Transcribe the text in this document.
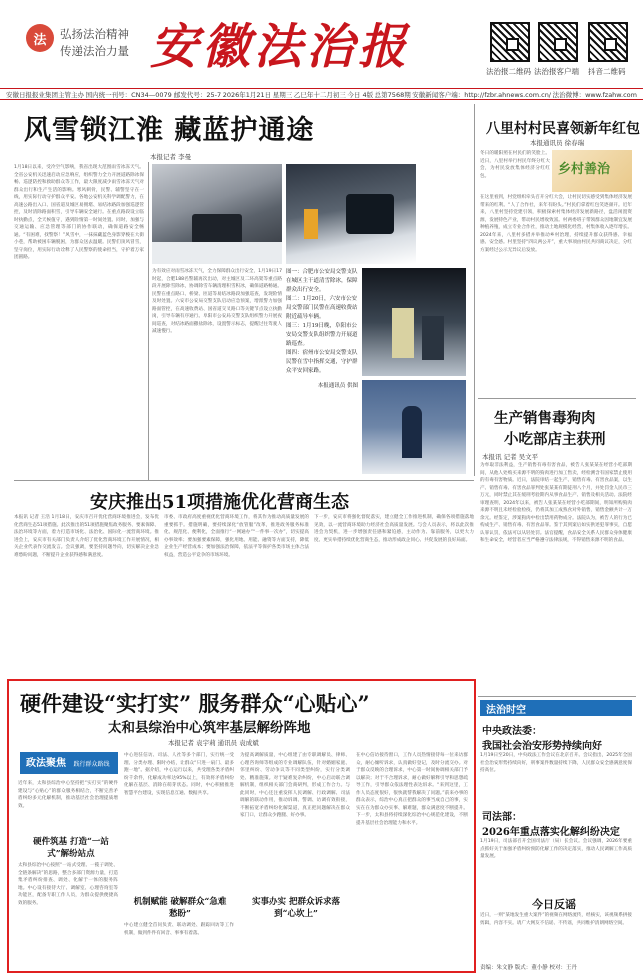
法	弘扬法治精神
传递法治力量 安徽法治报	法治报二维码 法治报客户端 抖音二维码
安徽日报报业集团主管主办 国内统一刊号：CN34—0079 邮发代号：25-7 2026年1月21日 星期三 乙巳年十二月初三 今日 4版 总第7568期 安徽新闻客户端：http://fzbr.ahnews.com.cn/ 法治微博：www.fzahw.com
风雪锁江淮 藏蓝护通途
本报记者 李曼
1月18日以来，受冷空气影响，我省出现大范围雨雪冰冻天气。全省公安机关迅速启动应急响应，组织警力全力开展道路除冰保畅、巡逻防控和救助群众等工作，最大限度减少雨雪冰冻天气对群众出行和生产生活的影响。寒风刺骨，民警、辅警坚守在一线，用实际行动守护群众平安。各地公安机关科学调配警力，在高速公路出入口、国省道及城区易拥堵、易结冰路段加强巡逻管控，及时清除路面积雪，引导车辆安全通行。在重点路段设立临时执勤点，全天候值守，遇到险情第一时间处置。同时，加强与交通运输、应急管理等部门的协作联动，确保道路安全畅通。“有困难，找警察！”风雪中，一抹抹藏蓝色身影穿梭在大街小巷，帮助被困车辆脱困，为群众送去温暖。民警们顶风冒雪，坚守岗位，用实际行动诠释了人民警察的使命担当，守护着万家团圆路。
为有效应对雨雪冰冻天气，全力保障群众出行安全，1月19日17时起，合肥188名警辅再次出动，对主城区及二环高架等重点路段开展除雪除冰，协调除雪车辆清理积雪积冰，确保道路畅通。民警在重点路口、桥梁、匝道等易结冰路段加强巡查，发现险情及时处置。六安市公安局交警支队启动应急预案，增派警力加强路面管控，在高速收费站、国省道交叉路口等关键节点设立执勤岗，引导车辆有序通行。阜阳市公安局交警支队组织警力开展夜间巡查，对结冰路面撒盐除冰，设置警示标志，提醒过往驾驶人减速慢行。
图一：合肥市公安局交警支队在城区主干道清雪除冰，保障群众出行安全。
图二：1月20日，六安市公安局交警部门民警在高速收费站附近疏导车辆。
图三：1月19日晚，阜阳市公安局交警支队组织警力开展道路巡查。
图四：宿州市公安局交警支队民警在雪中指挥交通，守护群众平安回家路。
本报通讯员 供图
八里村村民喜领新年红包
本报通讯员 徐春瑞
冬日的暖阳照在村民们的笑脸上。近日，八里村举行村民年终分红大会，为村民发放集体经济分红红包。	乡村善治
在这里看到，村党组织牵头召开分红大会，让村民切实感受到集体经济发展带来的红利。“人了合作社，来年有盼头。”村民们拿着红包笑逐颜开。近年来，八里村坚持党建引领，积极探索村集体经济发展新路径，盘活闲置资源，发展特色产业，带动村民增收致富。村两委班子带领群众因地制宜发展种植养殖，成立专业合作社，推动土地规模化经营，村集体收入逐年增长。2024年来，八里村多措并举推动乡村治理，持续提升群众获得感、幸福感、安全感。村里坚持“四议两公开”，重大事项由村民共同商议决定，分红方案经过公示无异议后发放。
生产销售毒狗肉
小吃部店主获刑
本报讯 记者 吴文平
为牟取非法利益，生产销售有毒有害食品，被告人张某某在经营小吃部期间，从他人处购买来源不明的狗肉进行加工售卖，经检测含有国家禁止使用的有毒有害物质。近日，法院审结一起生产、销售有毒、有害食品案，以生产、销售有毒、有害食品罪判处张某某有期徒刑八个月，并处罚金人民币三万元，同时禁止其在缓刑考验期内从事食品生产、销售及相关活动。法院经审理查明，2024年以来，被告人张某某在经营小吃部期间，明知所购狗肉来源不明且未经检验检疫，仍将其加工成熟食对外销售，销售金额共计一万余元。经鉴定，涉案狗肉中检出禁用药物成分。法院认为，被告人的行为已构成生产、销售有毒、有害食品罪。鉴于其到案后如实供述犯罪事实，自愿认罪认罚，依法可以从轻处罚。法官提醒，食品安全关系人民群众身体健康和生命安全，经营者应当严格遵守法律法规，不得销售来源不明的食品。
安庆推出51项措施优化营商生态
本报讯 记者 王浩 1月18日，安庆市召开优化营商环境推进会，发布优化营商生态51项措施。此次推出的51项措施聚焦政务服务、要素保障、法治环境等方面，着力打造市场化、法治化、国际化一流营商环境。推进会上，安庆市有关部门负责人介绍了优化营商环境工作开展情况，相关企业代表作交流发言。会议强调，要坚持问题导向，切实解决企业急难愁盼问题，不断提升企业获得感和满意度。
市委、市政府高度重视优化营商环境工作，将其作为推动高质量发展的重要抓手。措施明确，要持续深化“放管服”改革，推进政务服务标准化、规范化、便利化，全面推行“一网通办”“一件事一次办”，切实提高办事效率；要加强要素保障，强化用地、用能、融资等方面支持，降低企业生产经营成本；要加强法治保障，依法平等保护各类市场主体合法权益，营造公平竞争的市场环境。
下一步，安庆市将强化督促落实，建立健全工作推进机制，确保各项措施落地见效，以一流营商环境助力经济社会高质量发展。与会人员表示，将以此次推进会为契机，进一步增强责任感和紧迫感，主动作为、靠前服务，以更大力度、更实举措持续优化营商生态，推动形成政企同心、共促发展的良好局面。
硬件建设“实打实” 服务群众“心贴心”
太和县综治中心筑牢基层解纷阵地
本报记者 袁宇莉 通讯员 袁成斌
政法聚焦 践行群众路线
近年来，太和县综治中心坚持把“实打实”的硬件建设与“心贴心”的群众服务相结合，不断完善矛盾纠纷多元化解机制，推动基层社会治理提质增效。
硬件筑基 打造“一站式”解纷站点
太和县综治中心按照“一站式受理、一揽子调处、全链条解决”的思路，整合多部门资源力量，打造集矛盾纠纷排查、调处、化解于一体的服务阵地。中心设有接待大厅、调解室、心理咨询室等功能区，配备专职工作人员，为群众提供便捷高效的服务。
中心进驻信访、司法、人社等多个部门，实行统一受理、分类办理、限时办结，让群众“只进一扇门、最多跑一地”。据介绍，中心运行以来，共受理各类矛盾纠纷千余件，化解成功率达95%以上，有效将矛盾纠纷化解在基层、消除在萌芽状态。同时，中心积极推进智慧平台建设，实现信息互通、数据共享。
机制赋能 破解群众“急难愁盼”
中心建立健全首问负责、联动调处、跟踪回访等工作机制，做到件件有回音、事事有着落。
为提高调解质量，中心组建了由专职调解员、律师、心理咨询师等组成的专业调解队伍，针对婚姻家庭、邻里纠纷、劳动争议等不同类型纠纷，实行分类调处、精准施策。对于疑难复杂纠纷，中心启动联合调解机制，组织相关部门会商研判，形成工作合力。与此同时，中心还注重发挥人民调解、行政调解、司法调解的联动作用，推动诉调、警调、访调有效衔接，不断拓宽矛盾纠纷化解渠道，真正把问题解决在群众家门口，让群众少跑腿、好办事。
实事办实 把群众诉求落到“心坎上”
在中心信访接待窗口，工作人员热情接待每一位来访群众，耐心倾听诉求，认真做好登记，及时分流交办。对于群众反映的合理诉求，中心第一时间协调相关部门予以解决；对于不合理诉求，耐心做好解释引导和思想疏导工作，引导群众依法理性表达诉求。“来到这里，工作人员态度很好，很快就帮我解决了问题。”前来办事的群众表示，综治中心真正把群众的事当成自己的事，实实在在为群众办实事、解难题，群众满意度不断提升。下一步，太和县将持续深化综治中心规范化建设，不断提升基层社会治理能力和水平。
法治时空
中央政法委：
我国社会治安形势持续向好
1月19日至20日，中央政法工作会议在北京召开。会议指出，2025年全国社会治安形势持续向好，刑事案件数量持续下降，人民群众安全感满意度保持高位。
司法部：
2026年重点落实化解纠纷决定
1月19日，司法部召开全国司法厅（局）长会议。会议强调，2026年要重点抓好关于加强矛盾纠纷预防化解工作的决定落实，推动人民调解工作高质量发展。
今日反谣
近日，一则“某地发生重大案件”的视频在网络流传，经核实，该视频系拼接剪辑，内容不实。请广大网友不信谣、不传谣，共同维护清朗网络空间。
责编：朱文静 版式：董小静 校对：王丹
